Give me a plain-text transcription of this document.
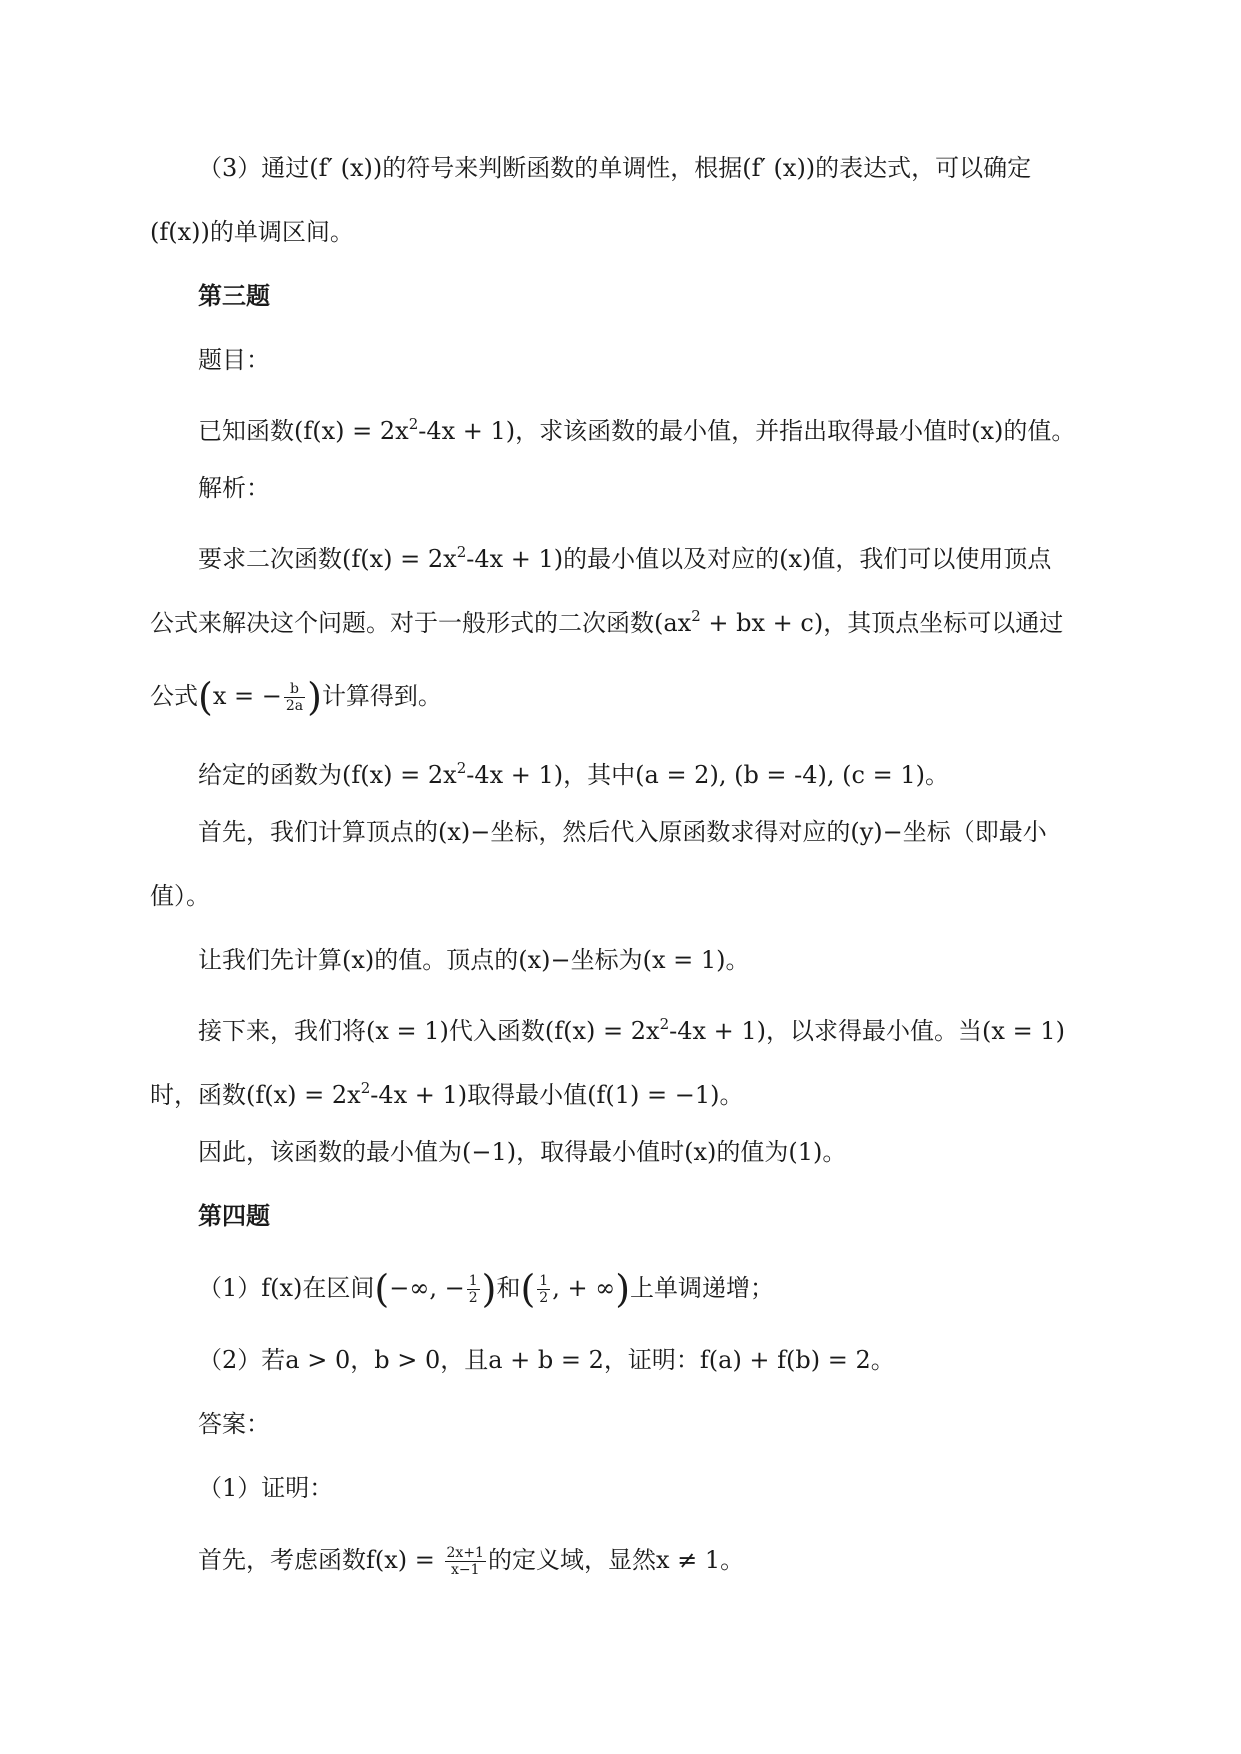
（3）通过(f′ (x))的符号来判断函数的单调性，根据(f′ (x))的表达式，可以确定
(f(x))的单调区间。
第三题
题目：
已知函数$(f(x) = 2x^2-4x + 1)$，求该函数的最小值，并指出取得最小值时(x)的值。
解析：
要求二次函数$(f(x) = 2x^2-4x + 1)$的最小值以及对应的(x)值，我们可以使用顶点
公式来解决这个问题。对于一般形式的二次函数($ax^2$ + bx + c)，其顶点坐标可以通过
公式(x = − $\frac{b}{2a}$ )计算得到。
给定的函数为$(f(x) = 2x^2-4x + 1)$，其中(a = 2), (b = -4), (c = 1)。
首先，我们计算顶点的(x)−坐标，然后代入原函数求得对应的(y)−坐标（即最小
值）。
让我们先计算(x)的值。顶点的(x)−坐标为(x = 1)。
接下来，我们将(x = 1)代入函数$(f(x) = 2x^2-4x + 1)$，以求得最小值。当(x = 1)
时，函数$(f(x) = 2x^2-4x + 1)$取得最小值(f(1) = −1)。
因此，该函数的最小值为(−1)，取得最小值时(x)的值为(1)。
第四题
（1）f(x)在区间(−∞, − $\frac{1}{2}$ )和( $\frac{1}{2}$ , + ∞)上单调递增；
（2）若a > 0，b > 0，且a + b = 2，证明：f(a) + f(b) = 2。
答案：
（1）证明：
首先，考虑函数$f(x) = \frac{2x+1}{x-1}$ 的定义域，显然x ≠ 1。
